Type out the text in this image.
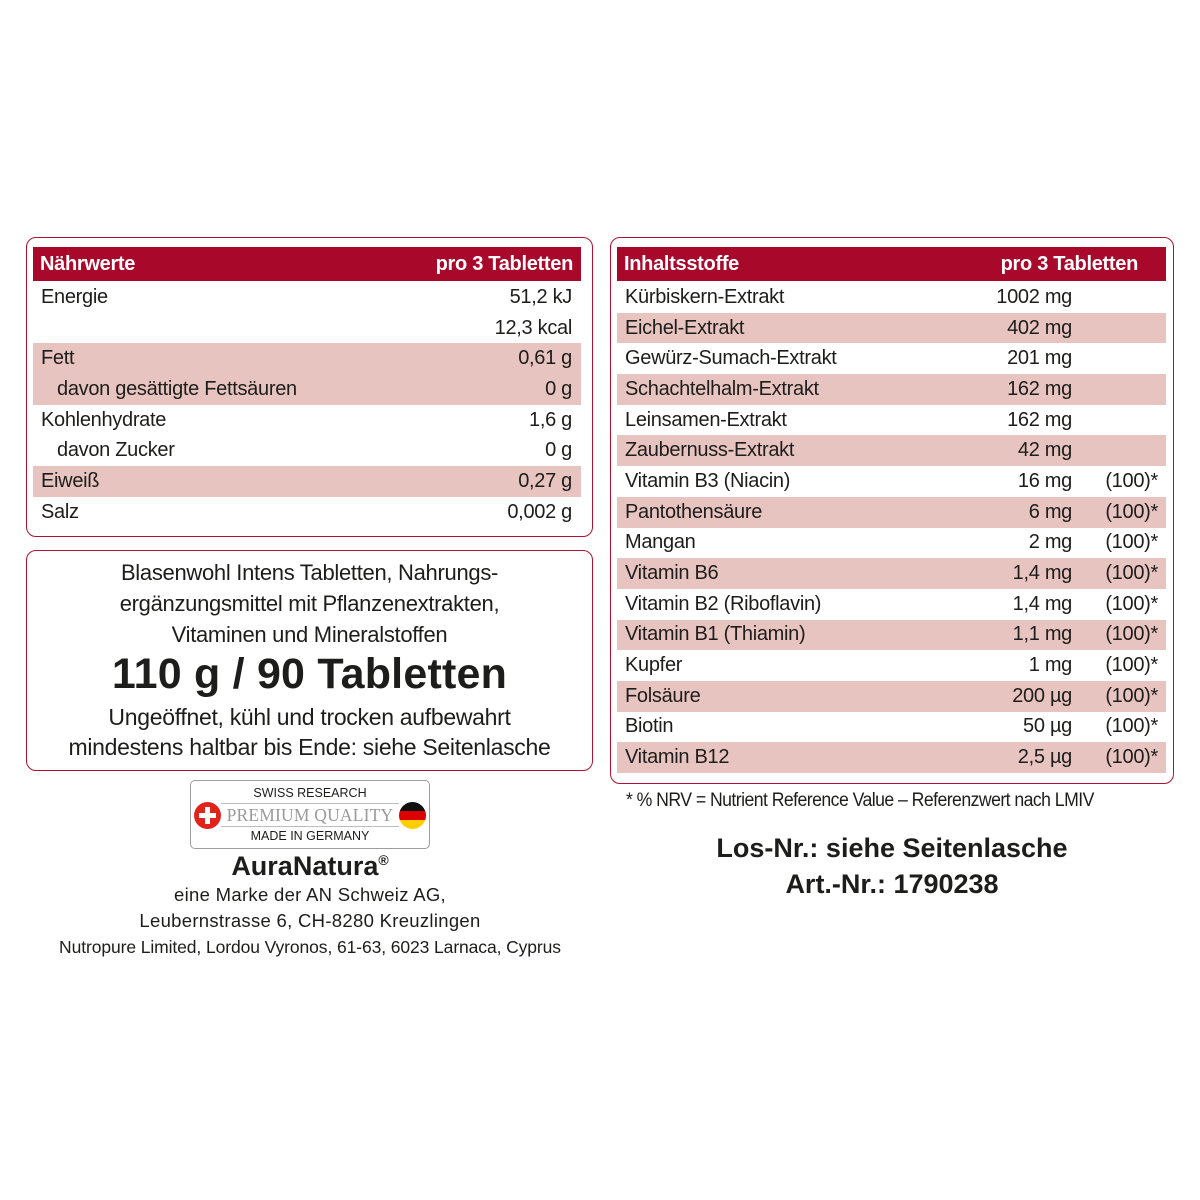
Nährwerte	pro 3 Tabletten
Energie	51,2 kJ
12,3 kcal
Fett	0,61 g
davon gesättigte Fettsäuren	0 g
Kohlenhydrate	1,6 g
davon Zucker	0 g
Eiweiß	0,27 g
Salz	0,002 g
Inhaltsstoffe	pro 3 Tabletten
Kürbiskern-Extrakt	1002 mg
Eichel-Extrakt	402 mg
Gewürz-Sumach-Extrakt	201 mg
Schachtelhalm-Extrakt	162 mg
Leinsamen-Extrakt	162 mg
Zaubernuss-Extrakt	42 mg
Vitamin B3 (Niacin)	16 mg (100)*
Pantothensäure	6 mg (100)*
Mangan	2 mg (100)*
Vitamin B6	1,4 mg (100)*
Vitamin B2 (Riboflavin)	1,4 mg (100)*
Vitamin B1 (Thiamin)	1,1 mg (100)*
Kupfer	1 mg (100)*
Folsäure	200 µg (100)*
Biotin	50 µg (100)*
Vitamin B12	2,5 µg (100)*
* % NRV = Nutrient Reference Value – Referenzwert nach LMIV
Blasenwohl Intens Tabletten, Nahrungs-
ergänzungsmittel mit Pflanzenextrakten,
Vitaminen und Mineralstoffen
110 g / 90 Tabletten
Ungeöffnet, kühl und trocken aufbewahrt
mindestens haltbar bis Ende: siehe Seitenlasche
SWISS RESEARCH
PREMIUM QUALITY
MADE IN GERMANY
AuraNatura®
eine Marke der AN Schweiz AG,
Leubernstrasse 6, CH-8280 Kreuzlingen
Nutropure Limited, Lordou Vyronos, 61-63, 6023 Larnaca, Cyprus
Los-Nr.: siehe Seitenlasche
Art.-Nr.: 1790238
